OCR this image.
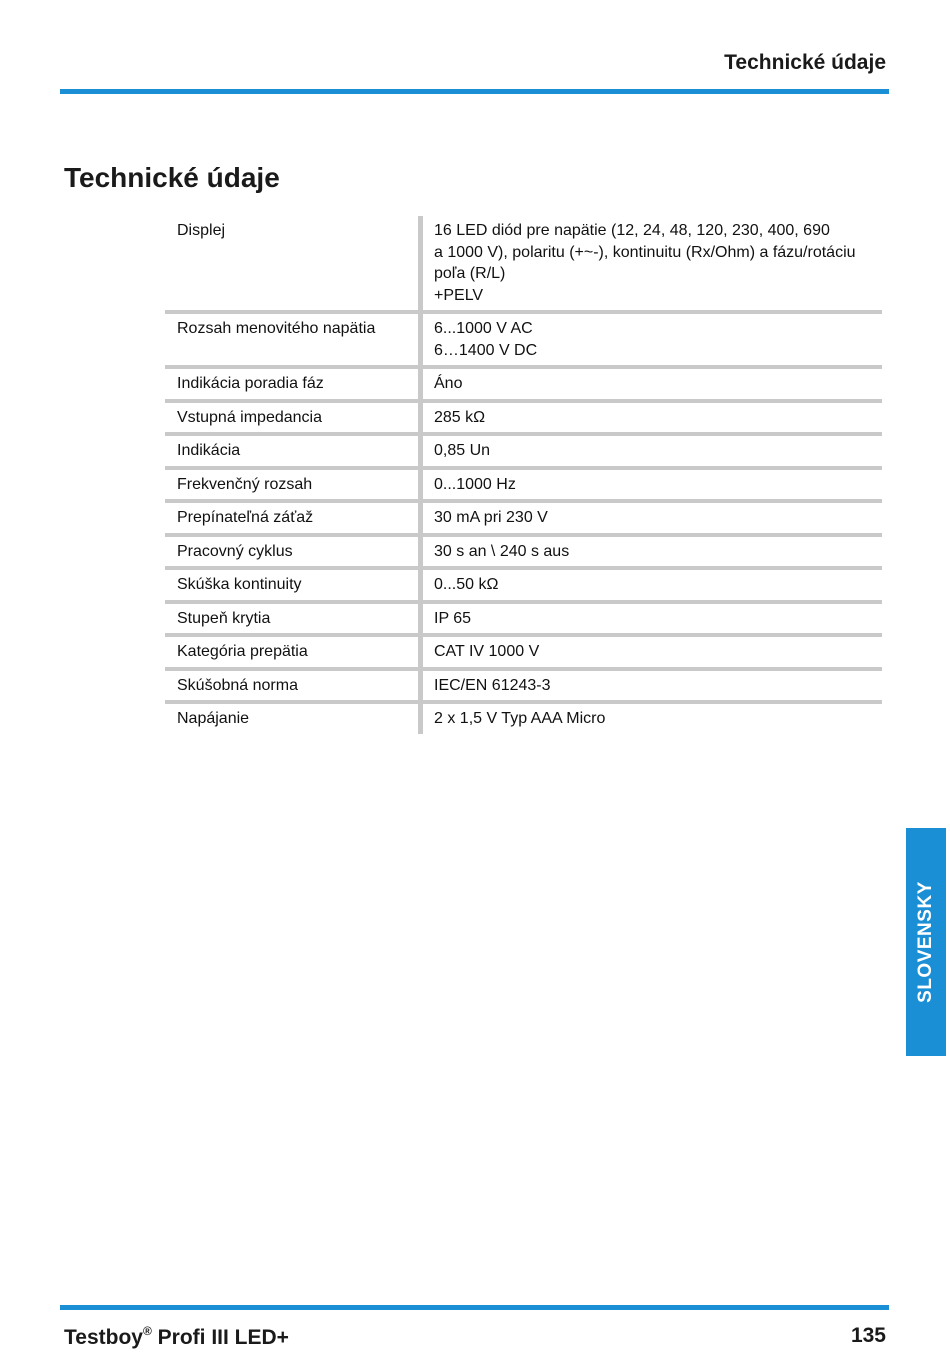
Technické údaje
Technické údaje
Displej	16 LED diód pre napätie (12, 24, 48, 120, 230, 400, 690
a 1000 V), polaritu (+~-), kontinuitu (Rx/Ohm) a fázu/rotáciu
poľa (R/L)
+PELV
Rozsah menovitého napätia	6...1000 V AC
6…1400 V DC
Indikácia poradia fáz	Áno
Vstupná impedancia	285 kΩ
Indikácia	0,85 Un
Frekvenčný rozsah	0...1000 Hz
Prepínateľná záťaž	30 mA pri 230 V
Pracovný cyklus	30 s an \ 240 s aus
Skúška kontinuity	0...50 kΩ
Stupeň krytia	IP 65
Kategória prepätia	CAT IV 1000 V
Skúšobná norma	IEC/EN 61243-3
Napájanie	2 x 1,5 V Typ AAA Micro
SLOVENSKY
Testboy® Profi III LED+	135
